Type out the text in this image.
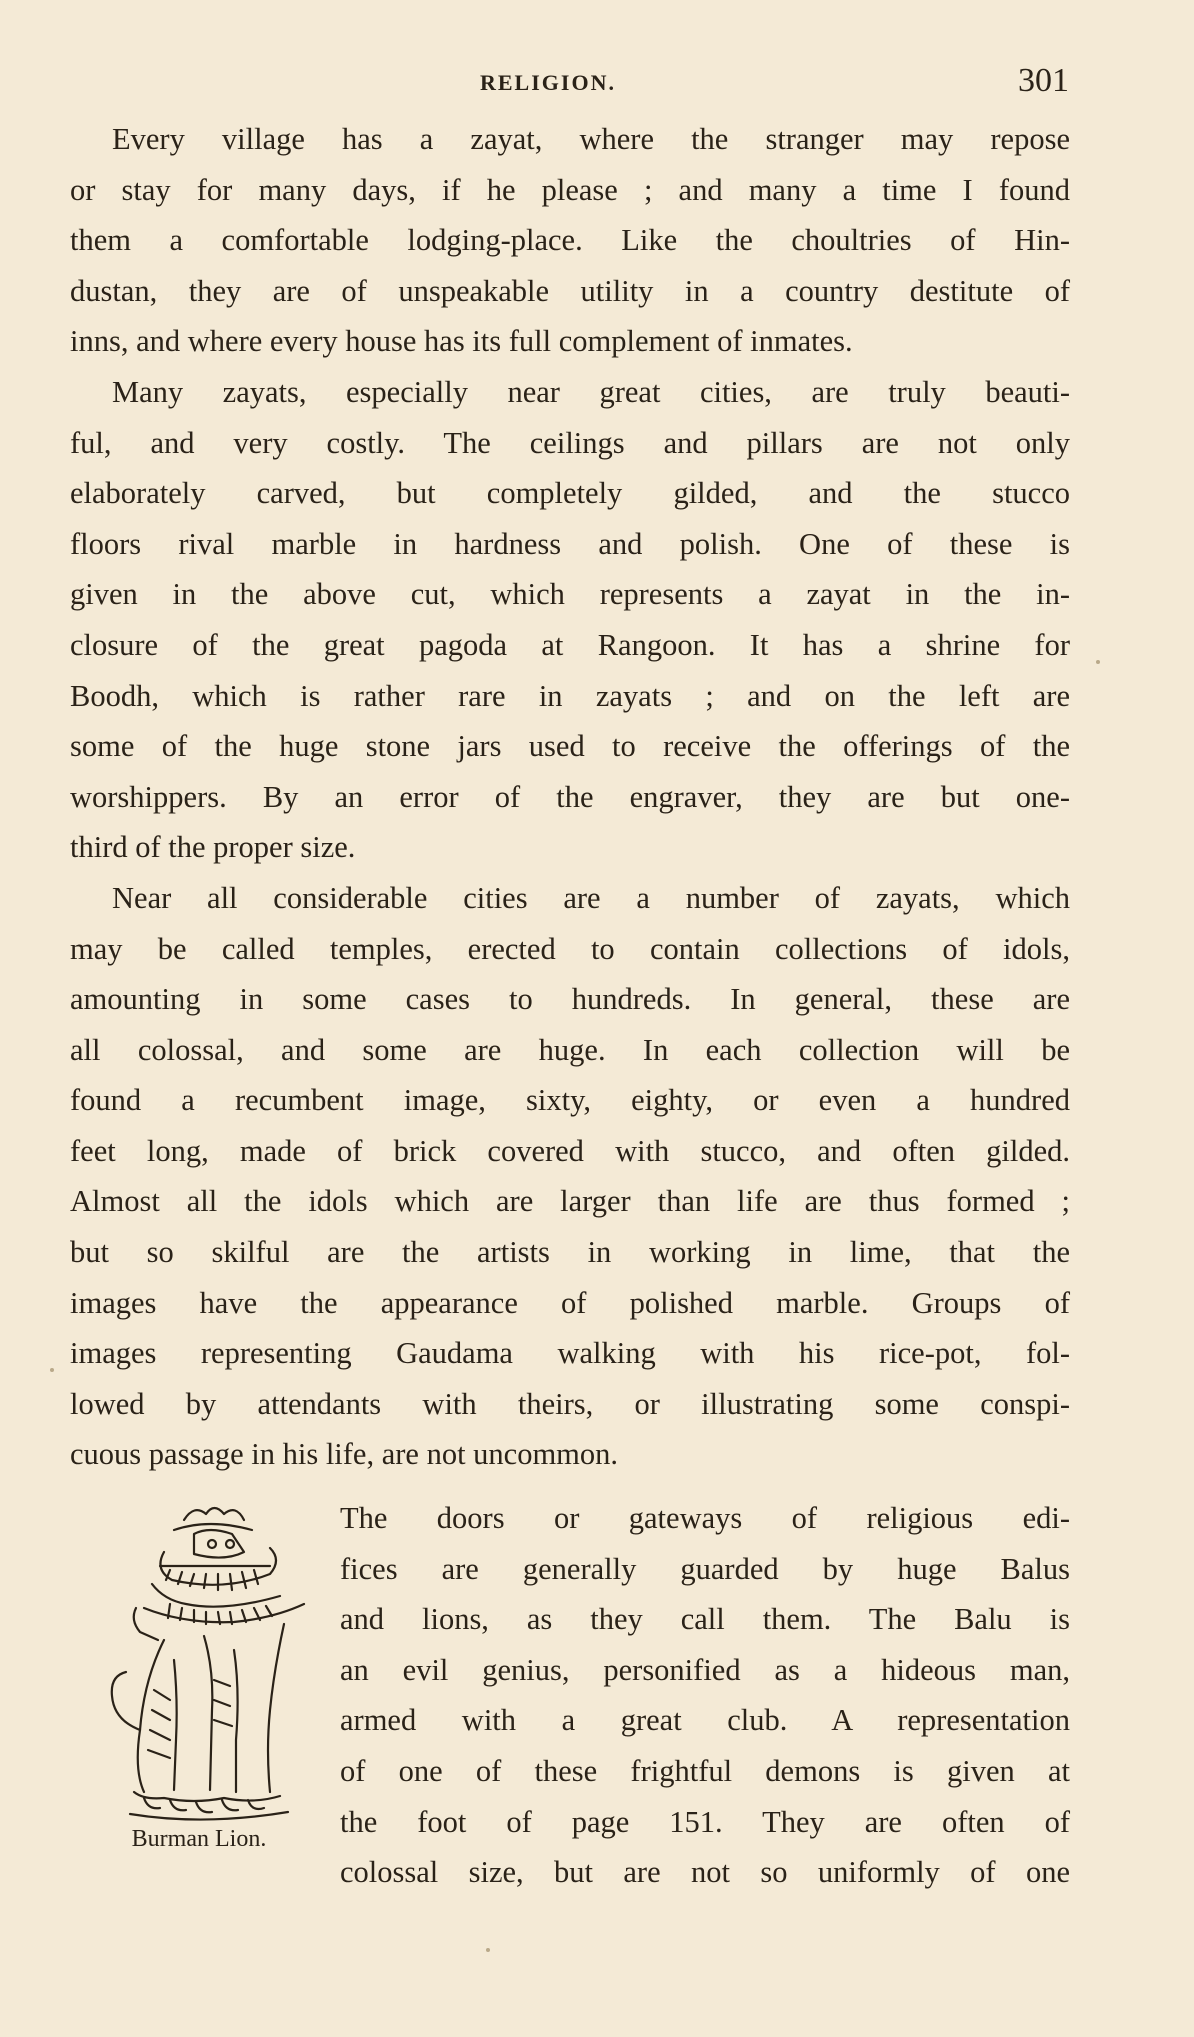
RELIGION.	301
Every village has a zayat, where the stranger may repose
or stay for many days, if he please ; and many a time I found
them a comfortable lodging-place. Like the choultries of Hin-
dustan, they are of unspeakable utility in a country destitute of
inns, and where every house has its full complement of inmates.
Many zayats, especially near great cities, are truly beauti-
ful, and very costly. The ceilings and pillars are not only
elaborately carved, but completely gilded, and the stucco
floors rival marble in hardness and polish. One of these is
given in the above cut, which represents a zayat in the in-
closure of the great pagoda at Rangoon. It has a shrine for
Boodh, which is rather rare in zayats ; and on the left are
some of the huge stone jars used to receive the offerings of the
worshippers. By an error of the engraver, they are but one-
third of the proper size.
Near all considerable cities are a number of zayats, which
may be called temples, erected to contain collections of idols,
amounting in some cases to hundreds. In general, these are
all colossal, and some are huge. In each collection will be
found a recumbent image, sixty, eighty, or even a hundred
feet long, made of brick covered with stucco, and often gilded.
Almost all the idols which are larger than life are thus formed ;
but so skilful are the artists in working in lime, that the
images have the appearance of polished marble. Groups of
images representing Gaudama walking with his rice-pot, fol-
lowed by attendants with theirs, or illustrating some conspi-
cuous passage in his life, are not uncommon.
The doors or gateways of religious edi-
fices are generally guarded by huge Balus
and lions, as they call them. The Balu is
an evil genius, personified as a hideous man,
armed with a great club. A representation
of one of these frightful demons is given at
the foot of page 151. They are often of
colossal size, but are not so uniformly of one
Burman Lion.
